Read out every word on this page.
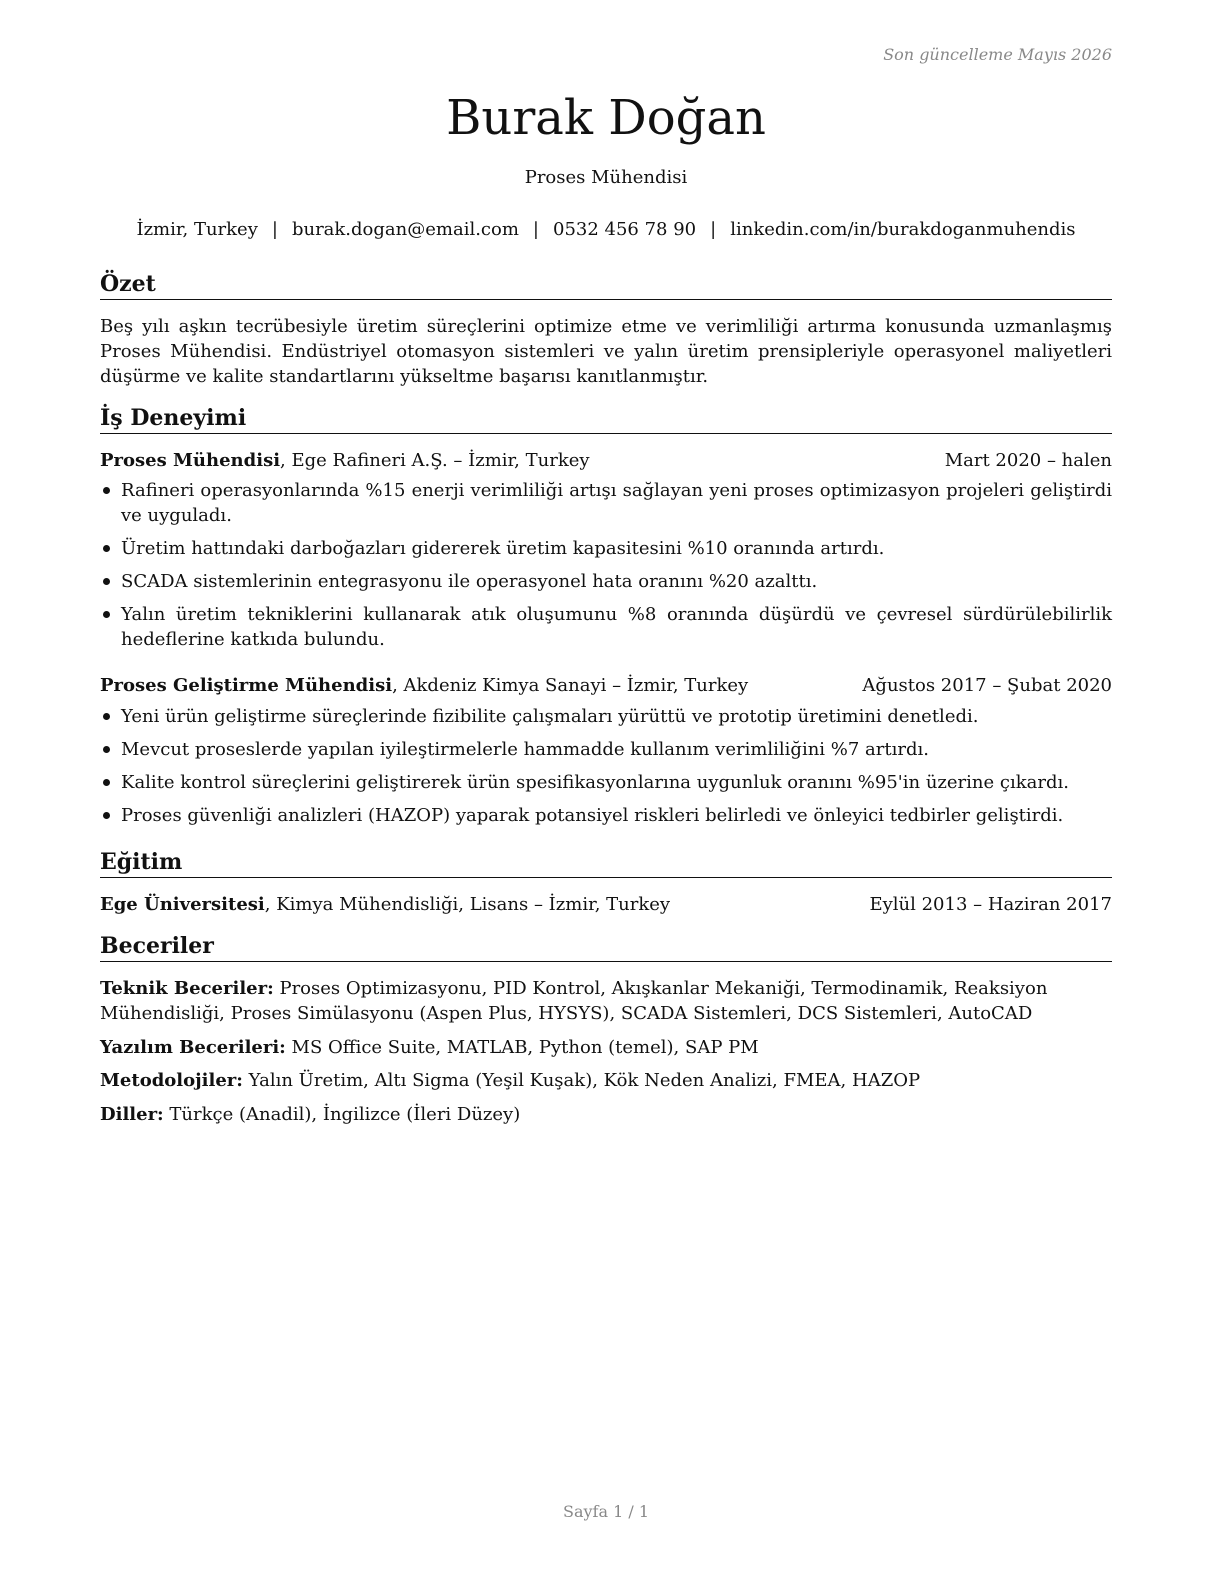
Son güncelleme Mayıs 2026
Burak Doğan
Proses Mühendisi
İzmir, Turkey | burak.dogan@email.com | 0532 456 78 90 | linkedin.com/in/burakdoganmuhendis
Özet

Beş yılı aşkın tecrübesiyle üretim süreçlerini optimize etme ve verimliliği artırma konusunda uzmanlaşmış Proses Mühendisi. Endüstriyel otomasyon sistemleri ve yalın üretim prensipleriyle operasyonel maliyetleri düşürme ve kalite standartlarını yükseltme başarısı kanıtlanmıştır.

İş Deneyimi
Proses Mühendisi, Ege Rafineri A.Ş. – İzmir, Turkey	Mart 2020 – halen
Rafineri operasyonlarında %15 enerji verimliliği artışı sağlayan yeni proses optimizasyon projeleri geliştirdi ve uyguladı.
Üretim hattındaki darboğazları gidererek üretim kapasitesini %10 oranında artırdı.
SCADA sistemlerinin entegrasyonu ile operasyonel hata oranını %20 azalttı.
Yalın üretim tekniklerini kullanarak atık oluşumunu %8 oranında düşürdü ve çevresel sürdürülebilirlik hedeflerine katkıda bulundu.
Proses Geliştirme Mühendisi, Akdeniz Kimya Sanayi – İzmir, Turkey	Ağustos 2017 – Şubat 2020
Yeni ürün geliştirme süreçlerinde fizibilite çalışmaları yürüttü ve prototip üretimini denetledi.
Mevcut proseslerde yapılan iyileştirmelerle hammadde kullanım verimliliğini %7 artırdı.
Kalite kontrol süreçlerini geliştirerek ürün spesifikasyonlarına uygunluk oranını %95'in üzerine çıkardı.
Proses güvenliği analizleri (HAZOP) yaparak potansiyel riskleri belirledi ve önleyici tedbirler geliştirdi.
Eğitim
Ege Üniversitesi, Kimya Mühendisliği, Lisans – İzmir, Turkey	Eylül 2013 – Haziran 2017
Beceriler
Teknik Beceriler: Proses Optimizasyonu, PID Kontrol, Akışkanlar Mekaniği, Termodinamik, Reaksiyon Mühendisliği, Proses Simülasyonu (Aspen Plus, HYSYS), SCADA Sistemleri, DCS Sistemleri, AutoCAD
Yazılım Becerileri: MS Office Suite, MATLAB, Python (temel), SAP PM
Metodolojiler: Yalın Üretim, Altı Sigma (Yeşil Kuşak), Kök Neden Analizi, FMEA, HAZOP
Diller: Türkçe (Anadil), İngilizce (İleri Düzey)
Sayfa 1 / 1
